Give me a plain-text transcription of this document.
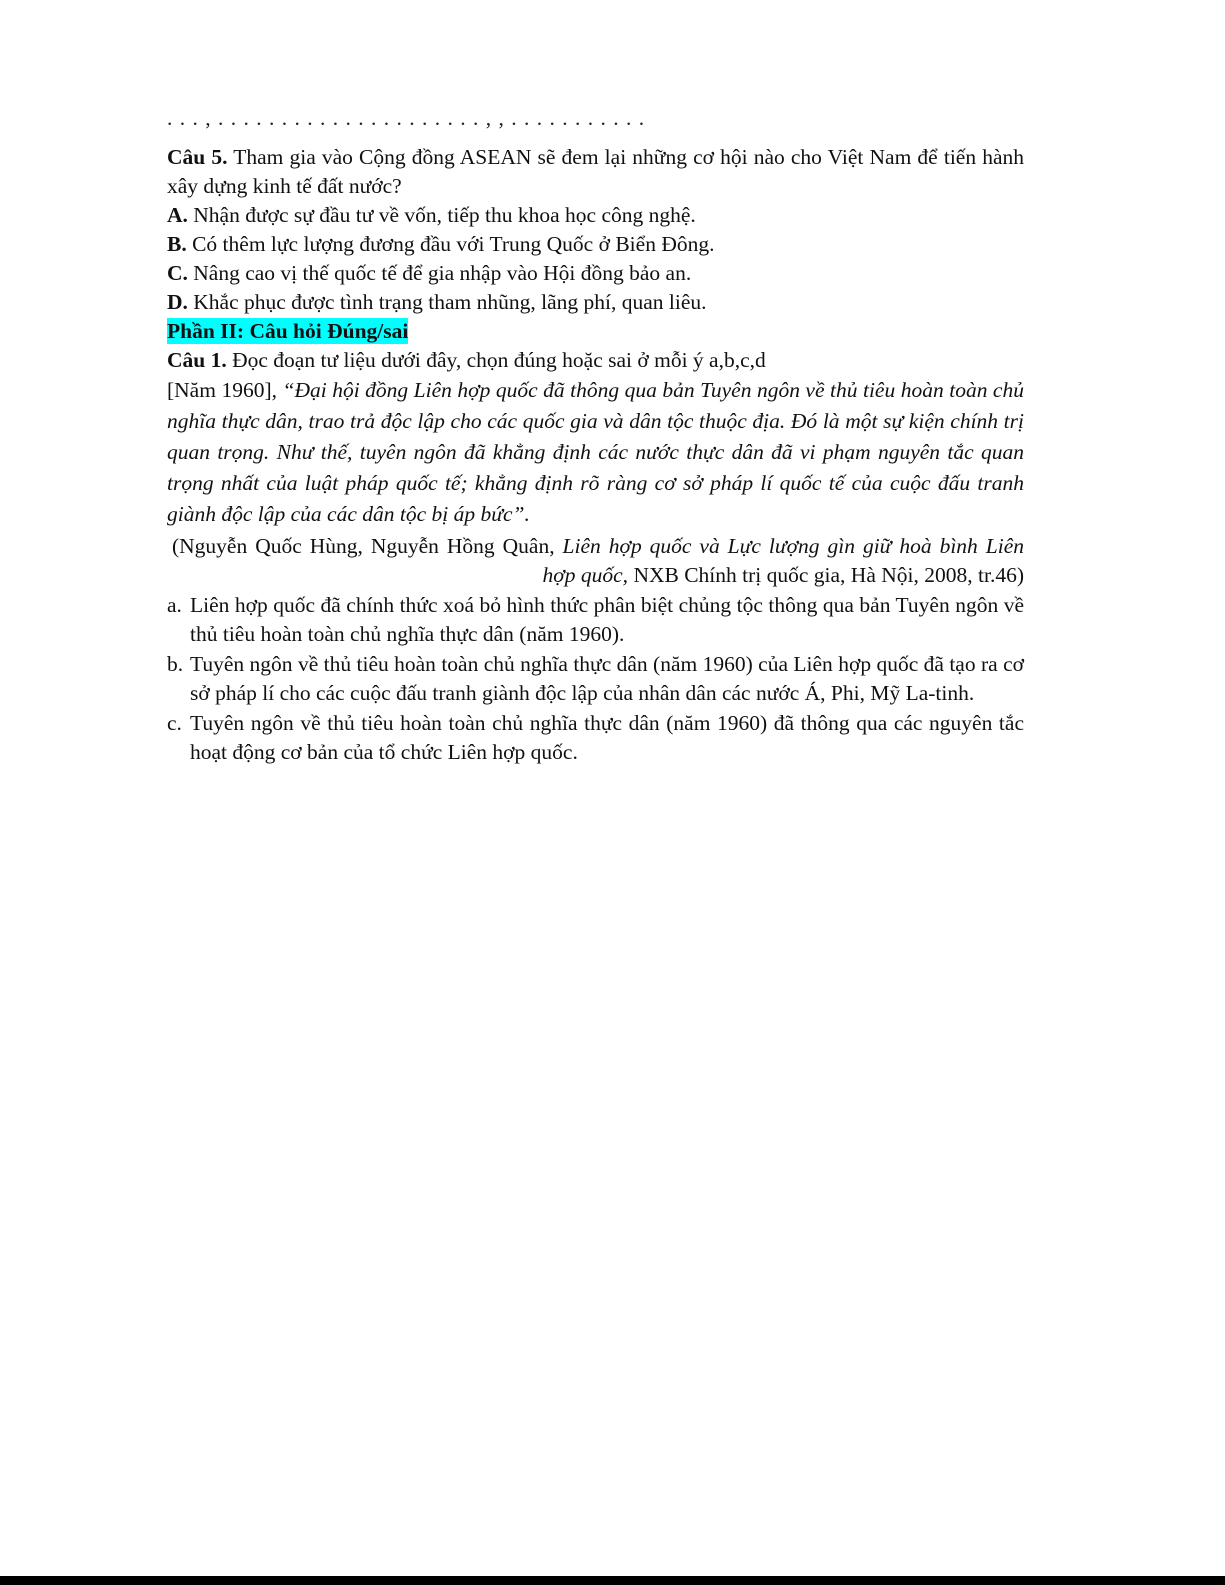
. . . , . . . . . . . . . . . . . . . . . . . . . , , . . . . . . . . . . .

Câu 5. Tham gia vào Cộng đồng ASEAN sẽ đem lại những cơ hội nào cho Việt Nam để tiến hành xây dựng kinh tế đất nước?

A. Nhận được sự đầu tư về vốn, tiếp thu khoa học công nghệ.

B. Có thêm lực lượng đương đầu với Trung Quốc ở Biển Đông.

C. Nâng cao vị thế quốc tế để gia nhập vào Hội đồng bảo an.

D. Khắc phục được tình trạng tham nhũng, lãng phí, quan liêu.

Phần II: Câu hỏi Đúng/sai

Câu 1. Đọc đoạn tư liệu dưới đây, chọn đúng hoặc sai ở mỗi ý a,b,c,d

[Năm 1960], “Đại hội đồng Liên hợp quốc đã thông qua bản Tuyên ngôn về thủ tiêu hoàn toàn chủ nghĩa thực dân, trao trả độc lập cho các quốc gia và dân tộc thuộc địa. Đó là một sự kiện chính trị quan trọng. Như thế, tuyên ngôn đã khẳng định các nước thực dân đã vi phạm nguyên tắc quan trọng nhất của luật pháp quốc tế; khẳng định rõ ràng cơ sở pháp lí quốc tế của cuộc đấu tranh giành độc lập của các dân tộc bị áp bức”.

(Nguyễn Quốc Hùng, Nguyễn Hồng Quân, Liên hợp quốc và Lực lượng gìn giữ hoà bình Liên
hợp quốc, NXB Chính trị quốc gia, Hà Nội, 2008, tr.46)

a. Liên hợp quốc đã chính thức xoá bỏ hình thức phân biệt chủng tộc thông qua bản Tuyên ngôn về thủ tiêu hoàn toàn chủ nghĩa thực dân (năm 1960).
b. Tuyên ngôn về thủ tiêu hoàn toàn chủ nghĩa thực dân (năm 1960) của Liên hợp quốc đã tạo ra cơ sở pháp lí cho các cuộc đấu tranh giành độc lập của nhân dân các nước Á, Phi, Mỹ La-tinh.
c. Tuyên ngôn về thủ tiêu hoàn toàn chủ nghĩa thực dân (năm 1960) đã thông qua các nguyên tắc hoạt động cơ bản của tổ chức Liên hợp quốc.
